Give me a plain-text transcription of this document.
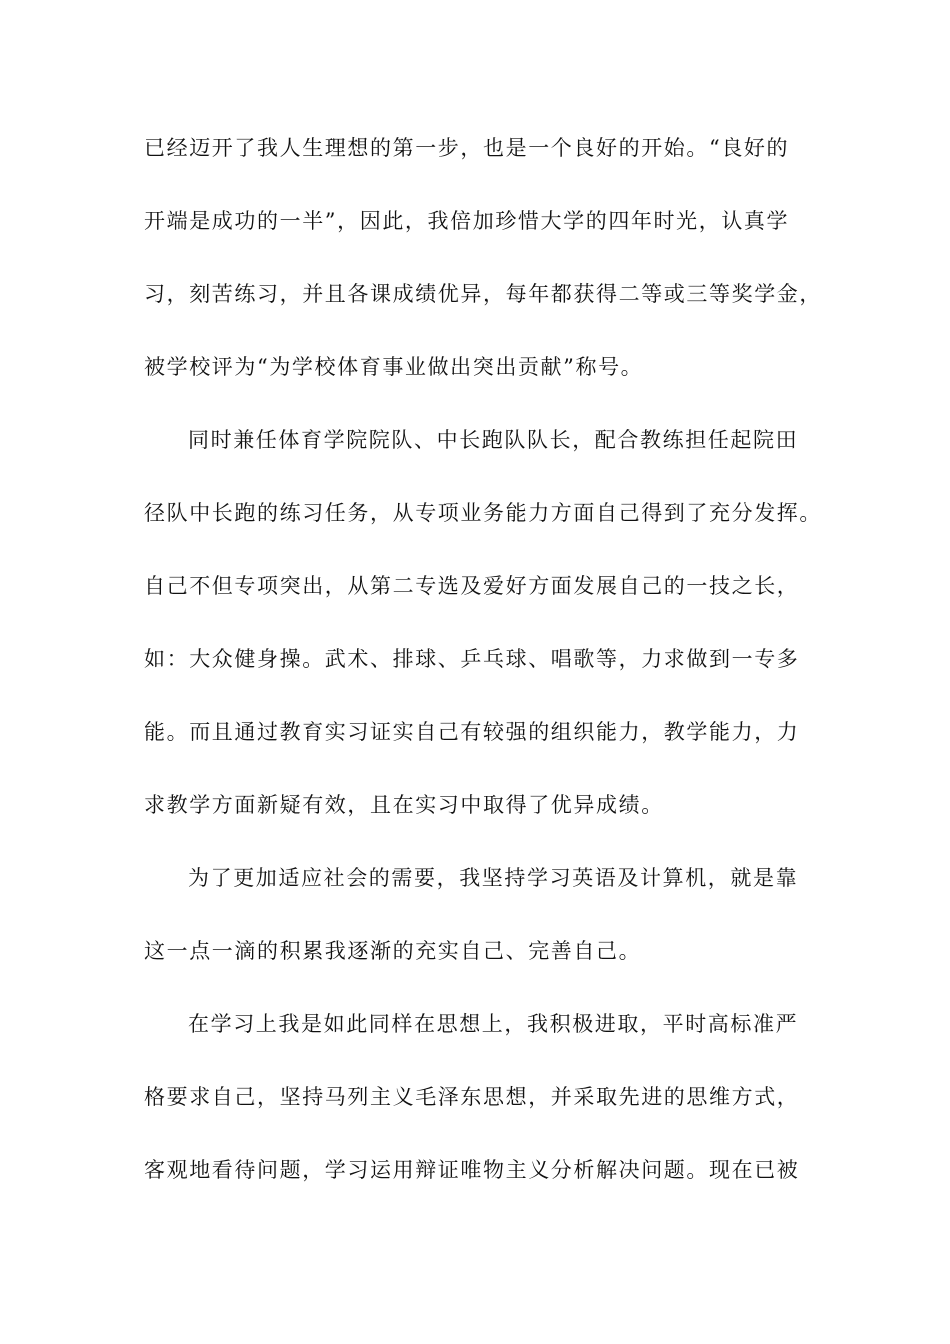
已经迈开了我人生理想的第一步，也是一个良好的开始。“良好的
开端是成功的一半”，因此，我倍加珍惜大学的四年时光，认真学
习，刻苦练习，并且各课成绩优异，每年都获得二等或三等奖学金，
被学校评为“为学校体育事业做出突出贡献”称号。
同时兼任体育学院院队、中长跑队队长，配合教练担任起院田
径队中长跑的练习任务，从专项业务能力方面自己得到了充分发挥。
自己不但专项突出，从第二专选及爱好方面发展自己的一技之长，
如：大众健身操。武术、排球、乒乓球、唱歌等，力求做到一专多
能。而且通过教育实习证实自己有较强的组织能力，教学能力，力
求教学方面新疑有效，且在实习中取得了优异成绩。
为了更加适应社会的需要，我坚持学习英语及计算机，就是靠
这一点一滴的积累我逐渐的充实自己、完善自己。
在学习上我是如此同样在思想上，我积极进取，平时高标准严
格要求自己，坚持马列主义毛泽东思想，并采取先进的思维方式，
客观地看待问题，学习运用辩证唯物主义分析解决问题。现在已被
